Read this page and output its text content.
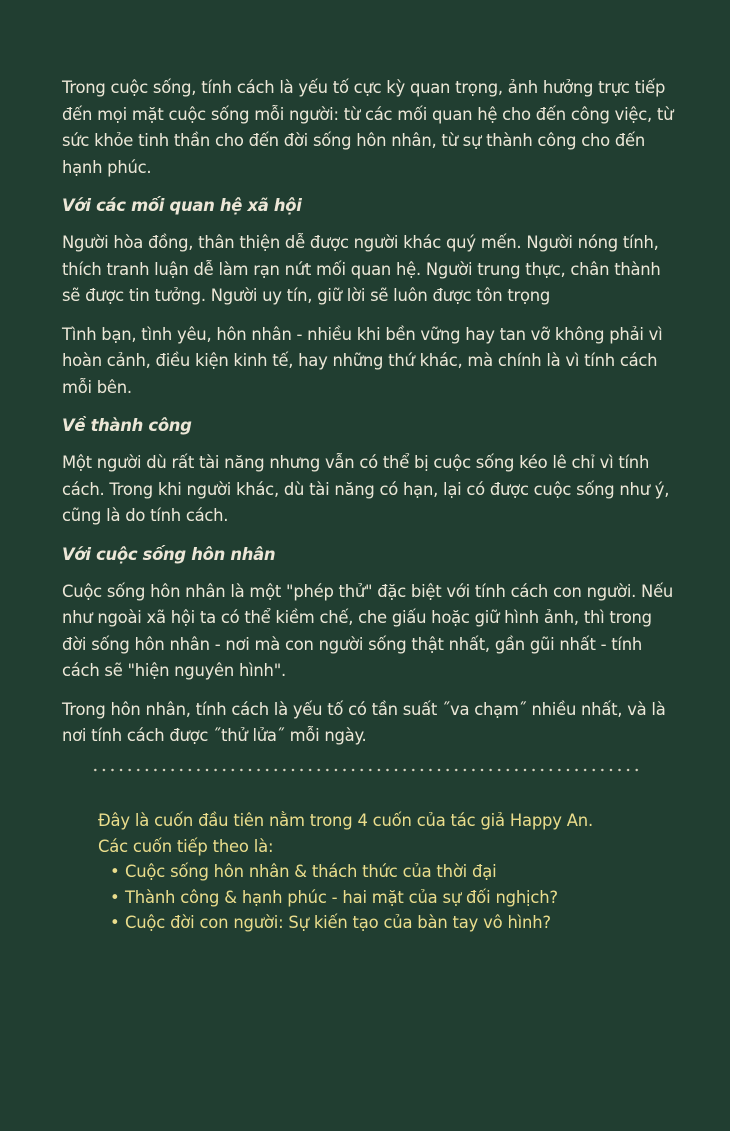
Trong cuộc sống, tính cách là yếu tố cực kỳ quan trọng, ảnh hưởng trực tiếp đến mọi mặt cuộc sống mỗi người: từ các mối quan hệ cho đến công việc, từ sức khỏe tinh thần cho đến đời sống hôn nhân, từ sự thành công cho đến hạnh phúc.

Với các mối quan hệ xã hội

Người hòa đồng, thân thiện dễ được người khác quý mến. Người nóng tính, thích tranh luận dễ làm rạn nứt mối quan hệ. Người trung thực, chân thành sẽ được tin tưởng. Người uy tín, giữ lời sẽ luôn được tôn trọng

Tình bạn, tình yêu, hôn nhân - nhiều khi bền vững hay tan vỡ không phải vì hoàn cảnh, điều kiện kinh tế, hay những thứ khác, mà chính là vì tính cách mỗi bên.

Về thành công

Một người dù rất tài năng nhưng vẫn có thể bị cuộc sống kéo lê chỉ vì tính cách. Trong khi người khác, dù tài năng có hạn, lại có được cuộc sống như ý, cũng là do tính cách.

Với cuộc sống hôn nhân

Cuộc sống hôn nhân là một "phép thử" đặc biệt với tính cách con người. Nếu như ngoài xã hội ta có thể kiềm chế, che giấu hoặc giữ hình ảnh, thì trong đời sống hôn nhân - nơi mà con người sống thật nhất, gần gũi nhất - tính cách sẽ "hiện nguyên hình".

Trong hôn nhân, tính cách là yếu tố có tần suất ˝va chạm˝ nhiều nhất, và là nơi tính cách được ˝thử lửa˝ mỗi ngày.

Đây là cuốn đầu tiên nằm trong 4 cuốn của tác giả Happy An.

Các cuốn tiếp theo là:

• Cuộc sống hôn nhân & thách thức của thời đại
• Thành công & hạnh phúc - hai mặt của sự đối nghịch?
• Cuộc đời con người: Sự kiến tạo của bàn tay vô hình?
